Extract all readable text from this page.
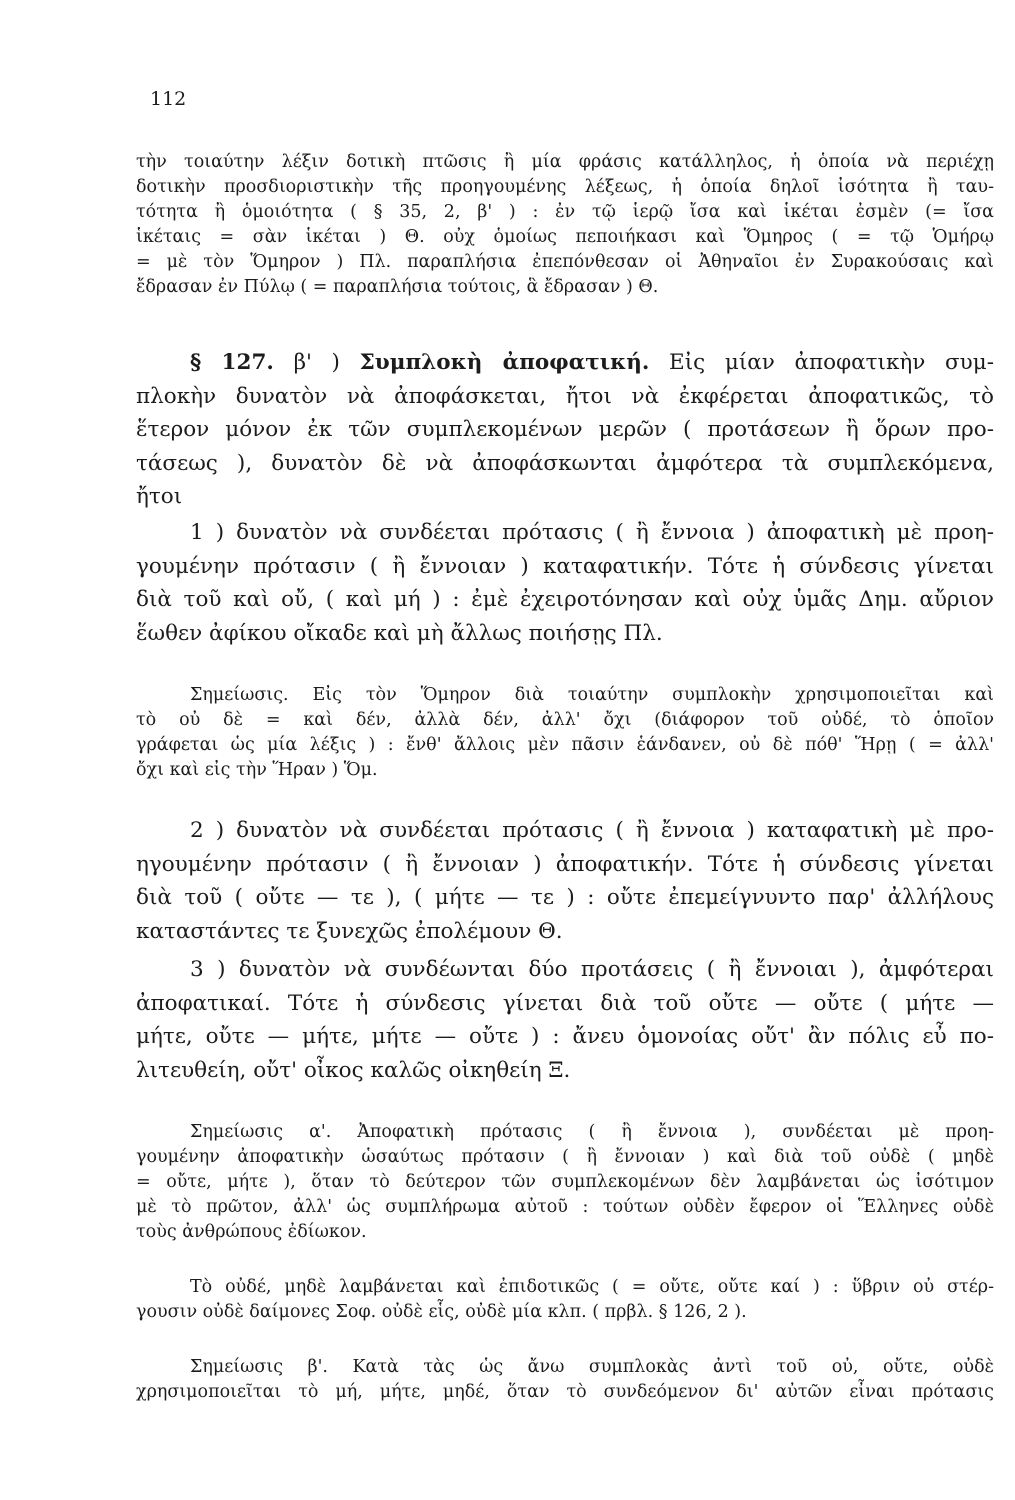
112
τὴν τοιαύτην λέξιν δοτικὴ πτῶσις ἢ μία φράσις κατάλληλος, ἡ ὁποία νὰ περιέχῃ
δοτικὴν προσδιοριστικὴν τῆς προηγουμένης λέξεως, ἡ ὁποία δηλοῖ ἰσότητα ἢ ταυ-
τότητα ἢ ὁμοιότητα ( § 35, 2, β' ) : ἐν τῷ ἱερῷ ἴσα καὶ ἱκέται ἐσμὲν (= ἴσα
ἱκέταις = σὰν ἱκέται ) Θ. οὐχ ὁμοίως πεποιήκασι καὶ Ὅμηρος ( = τῷ Ὁμήρῳ
= μὲ τὸν Ὅμηρον ) Πλ. παραπλήσια ἐπεπόνθεσαν οἱ Ἀθηναῖοι ἐν Συρακούσαις καὶ
ἔδρασαν ἐν Πύλῳ ( = παραπλήσια τούτοις, ἃ ἔδρασαν ) Θ.
§ 127. β' ) Συμπλοκὴ ἀποφατική. Εἰς μίαν ἀποφατικὴν συμ-
πλοκὴν δυνατὸν νὰ ἀποφάσκεται, ἤτοι νὰ ἐκφέρεται ἀποφατικῶς, τὸ
ἕτερον μόνον ἐκ τῶν συμπλεκομένων μερῶν ( προτάσεων ἢ ὅρων προ-
τάσεως ), δυνατὸν δὲ νὰ ἀποφάσκωνται ἀμφότερα τὰ συμπλεκόμενα,
ἤτοι
1 ) δυνατὸν νὰ συνδέεται πρότασις ( ἢ ἔννοια ) ἀποφατικὴ μὲ προη-
γουμένην πρότασιν ( ἢ ἔννοιαν ) καταφατικήν. Τότε ἡ σύνδεσις γίνεται
διὰ τοῦ καὶ οὔ, ( καὶ μή ) : ἐμὲ ἐχειροτόνησαν καὶ οὐχ ὑμᾶς Δημ. αὔριον
ἕωθεν ἀφίκου οἴκαδε καὶ μὴ ἄλλως ποιήσῃς Πλ.
Σημείωσις. Εἰς τὸν Ὅμηρον διὰ τοιαύτην συμπλοκὴν χρησιμοποιεῖται καὶ
τὸ οὐ δὲ = καὶ δέν, ἀλλὰ δέν, ἀλλ' ὄχι (διάφορον τοῦ οὐδέ, τὸ ὁποῖον
γράφεται ὡς μία λέξις ) : ἔνθ' ἄλλοις μὲν πᾶσιν ἑάνδανεν, οὐ δὲ πόθ' Ἥρῃ ( = ἀλλ'
ὄχι καὶ εἰς τὴν Ἥραν ) Ὅμ.
2 ) δυνατὸν νὰ συνδέεται πρότασις ( ἢ ἔννοια ) καταφατικὴ μὲ προ-
ηγουμένην πρότασιν ( ἢ ἔννοιαν ) ἀποφατικήν. Τότε ἡ σύνδεσις γίνεται
διὰ τοῦ ( οὔτε — τε ), ( μήτε — τε ) : οὔτε ἐπεμείγνυντο παρ' ἀλλήλους
καταστάντες τε ξυνεχῶς ἐπολέμουν Θ.
3 ) δυνατὸν νὰ συνδέωνται δύο προτάσεις ( ἢ ἔννοιαι ), ἀμφότεραι
ἀποφατικαί. Τότε ἡ σύνδεσις γίνεται διὰ τοῦ οὔτε — οὔτε ( μήτε —
μήτε, οὔτε — μήτε, μήτε — οὔτε ) : ἄνευ ὁμονοίας οὔτ' ἂν πόλις εὖ πο-
λιτευθείη, οὔτ' οἶκος καλῶς οἰκηθείη Ξ.
Σημείωσις α'. Ἀποφατικὴ πρότασις ( ἢ ἔννοια ), συνδέεται μὲ προη-
γουμένην ἀποφατικὴν ὡσαύτως πρότασιν ( ἢ ἔννοιαν ) καὶ διὰ τοῦ οὐδὲ ( μηδὲ
= οὔτε, μήτε ), ὅταν τὸ δεύτερον τῶν συμπλεκομένων δὲν λαμβάνεται ὡς ἰσότιμον
μὲ τὸ πρῶτον, ἀλλ' ὡς συμπλήρωμα αὐτοῦ : τούτων οὐδὲν ἔφερον οἱ Ἕλληνες οὐδὲ
τοὺς ἀνθρώπους ἐδίωκον.
Τὸ οὐδέ, μηδὲ λαμβάνεται καὶ ἐπιδοτικῶς ( = οὔτε, οὔτε καί ) : ὕβριν οὐ στέρ-
γουσιν οὐδὲ δαίμονες Σοφ. οὐδὲ εἷς, οὐδὲ μία κλπ. ( πρβλ. § 126, 2 ).
Σημείωσις β'. Κατὰ τὰς ὡς ἄνω συμπλοκὰς ἀντὶ τοῦ οὐ, οὔτε, οὐδὲ
χρησιμοποιεῖται τὸ μή, μήτε, μηδέ, ὅταν τὸ συνδεόμενον δι' αὐτῶν εἶναι πρότασις
